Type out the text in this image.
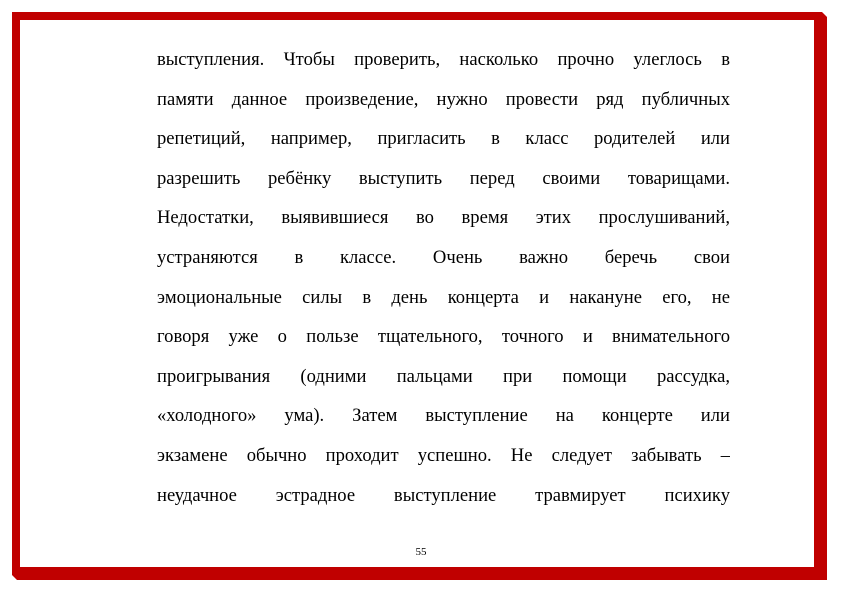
выступления. Чтобы проверить, насколько прочно улеглось в
памяти данное произведение, нужно провести ряд публичных
репетиций, например, пригласить в класс родителей или
разрешить ребёнку выступить перед своими товарищами.
Недостатки, выявившиеся во время этих прослушиваний,
устраняются в классе. Очень важно беречь свои
эмоциональные силы в день концерта и накануне его, не
говоря уже о пользе тщательного, точного и внимательного
проигрывания (одними пальцами при помощи рассудка,
«холодного» ума). Затем выступление на концерте или
экзамене обычно проходит успешно. Не следует забывать –
неудачное эстрадное выступление травмирует психику
55
